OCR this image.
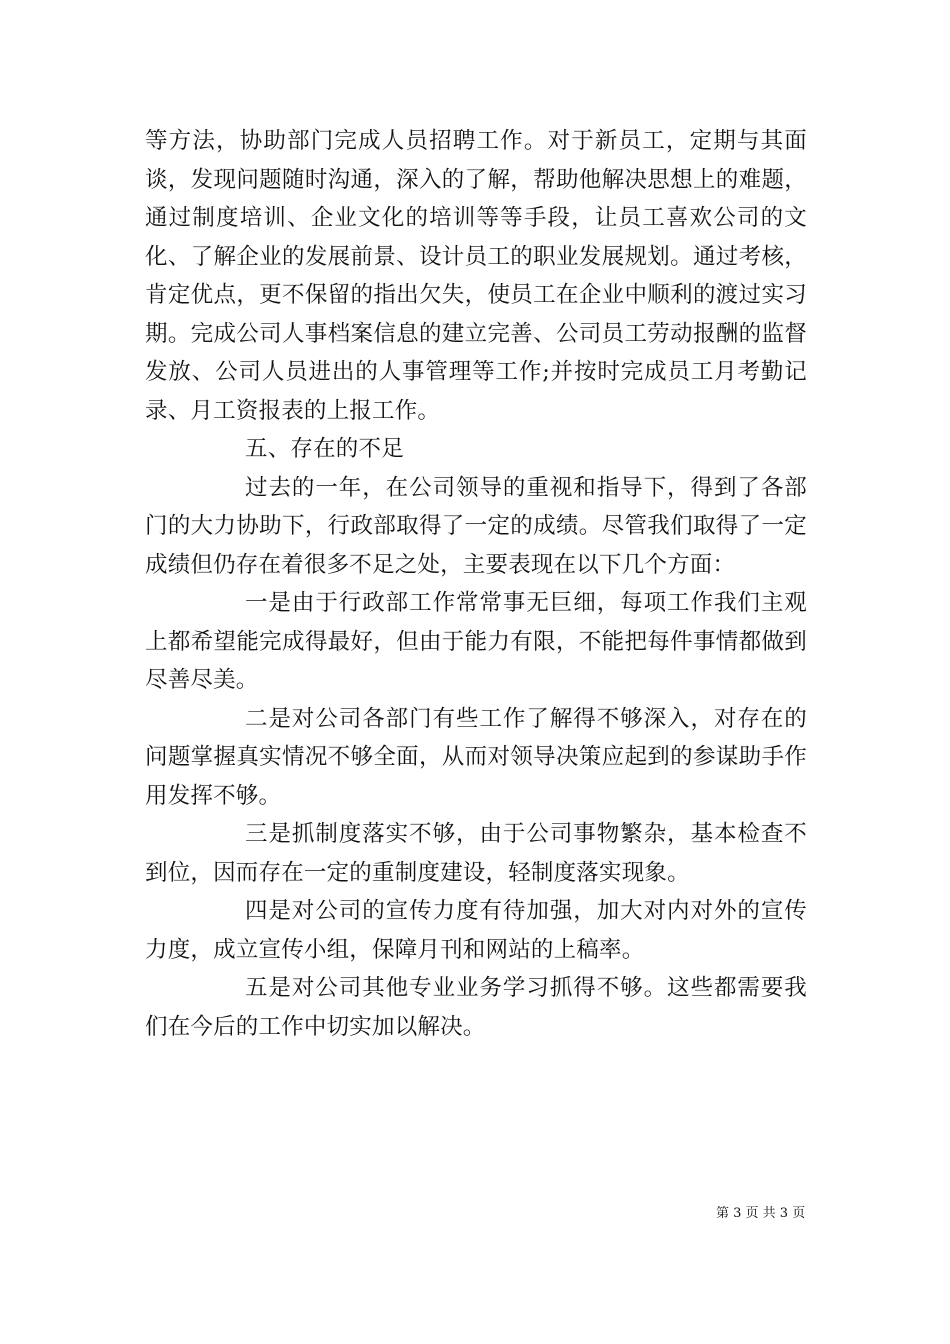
等方法，协助部门完成人员招聘工作。对于新员工，定期与其面谈，发现问题随时沟通，深入的了解，帮助他解决思想上的难题，通过制度培训、企业文化的培训等等手段，让员工喜欢公司的文化、了解企业的发展前景、设计员工的职业发展规划。通过考核，肯定优点，更不保留的指出欠失，使员工在企业中顺利的渡过实习期。完成公司人事档案信息的建立完善、公司员工劳动报酬的监督发放、公司人员进出的人事管理等工作;并按时完成员工月考勤记录、月工资报表的上报工作。

五、存在的不足

过去的一年，在公司领导的重视和指导下，得到了各部门的大力协助下，行政部取得了一定的成绩。尽管我们取得了一定成绩但仍存在着很多不足之处，主要表现在以下几个方面：

一是由于行政部工作常常事无巨细，每项工作我们主观上都希望能完成得最好，但由于能力有限，不能把每件事情都做到尽善尽美。

二是对公司各部门有些工作了解得不够深入，对存在的问题掌握真实情况不够全面，从而对领导决策应起到的参谋助手作用发挥不够。

三是抓制度落实不够，由于公司事物繁杂，基本检查不到位，因而存在一定的重制度建设，轻制度落实现象。

四是对公司的宣传力度有待加强，加大对内对外的宣传力度，成立宣传小组，保障月刊和网站的上稿率。

五是对公司其他专业业务学习抓得不够。这些都需要我们在今后的工作中切实加以解决。

第 3 页 共 3 页
